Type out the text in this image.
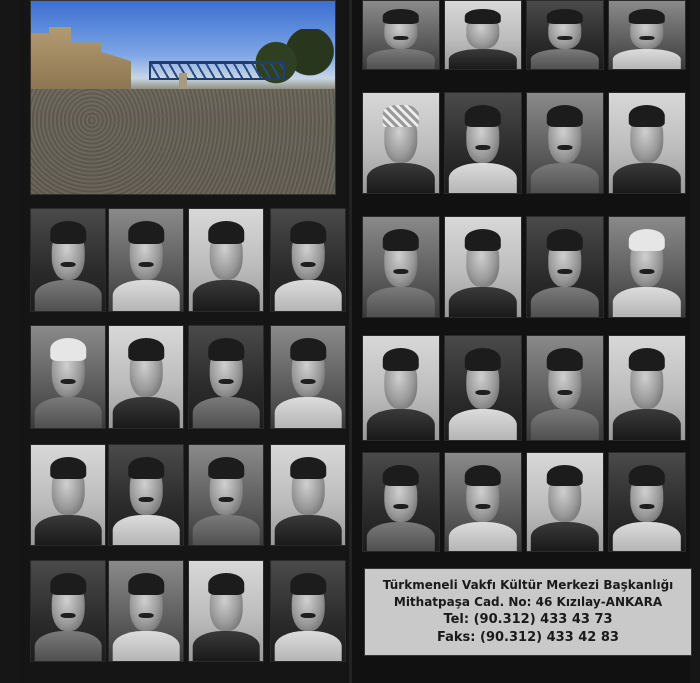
Türkmeneli Vakfı Kültür Merkezi Başkanlığı
Mithatpaşa Cad. No: 46 Kızılay-ANKARA
Tel: (90.312) 433 43 73
Faks: (90.312) 433 42 83
